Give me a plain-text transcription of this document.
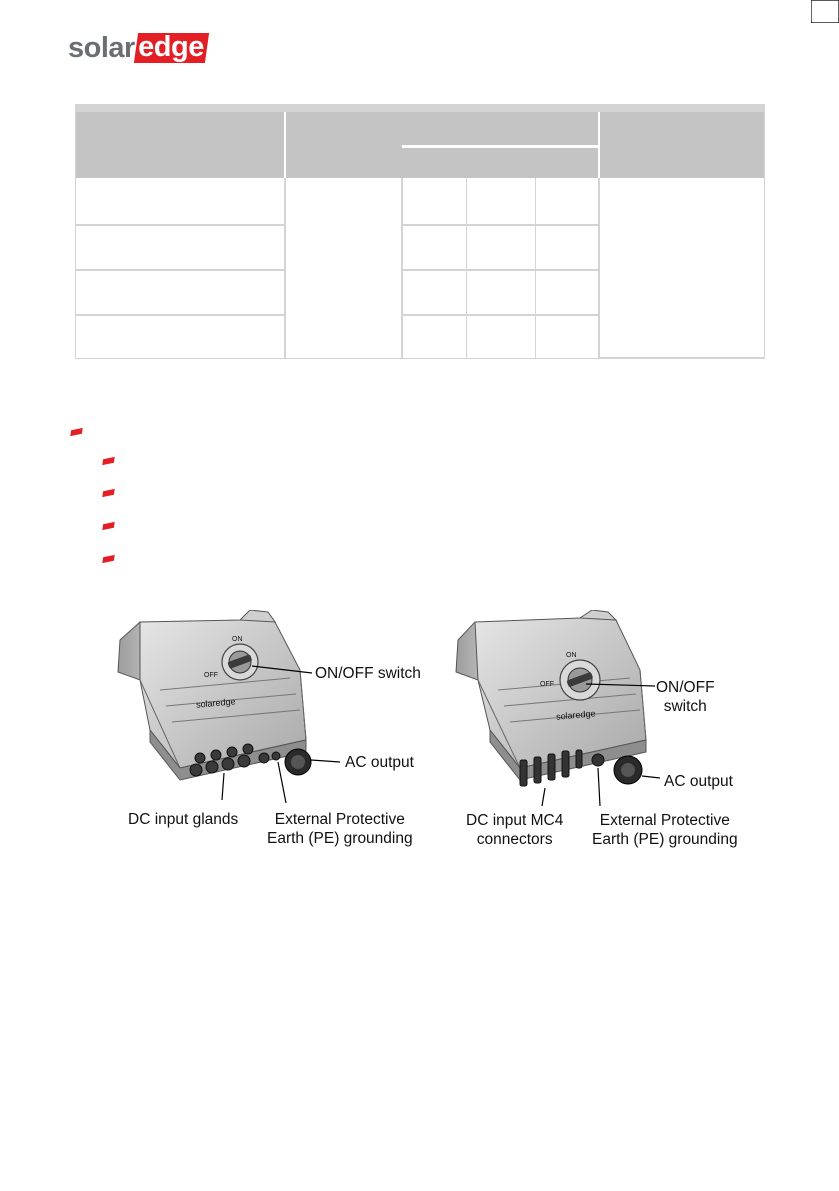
solar edge
ON
OFF
solaredge
ON
OFF
solaredge
ON/OFF switch
AC output
DC input glands	External Protective
Earth (PE) grounding
ON/OFF
switch
AC output
DC input MC4
connectors
External Protective
Earth (PE) grounding
